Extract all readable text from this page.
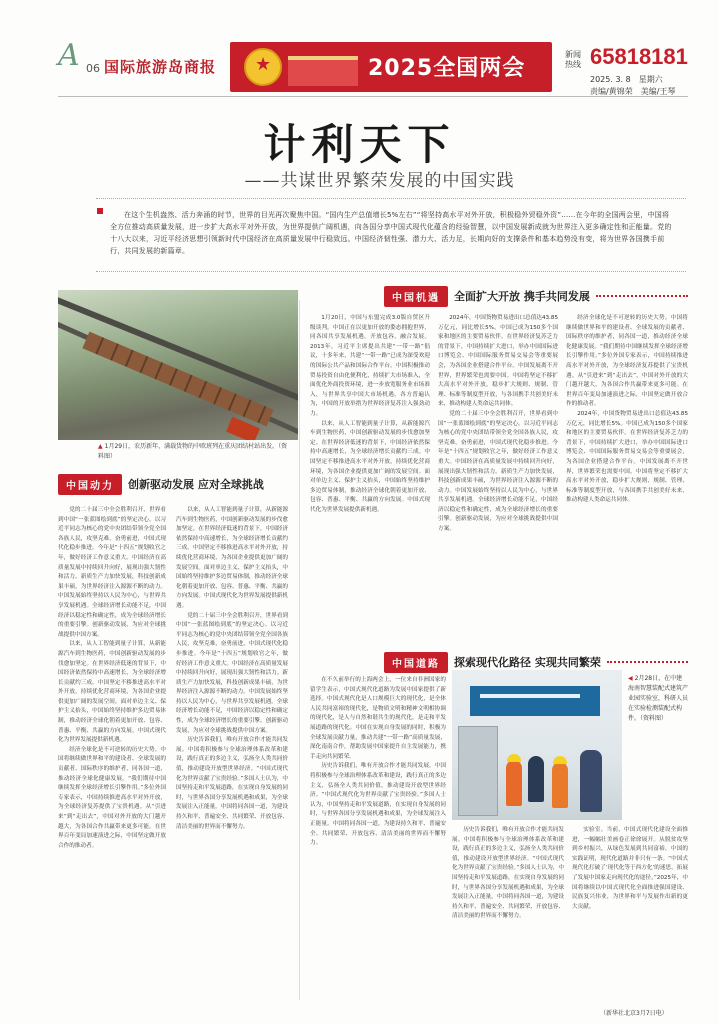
A 06 国际旅游岛商报
★	2025全国两会
新闻热线 65818181
2025. 3. 8　星期六
责编/黄锦荣　美编/王琴
计利天下
——共谋世界繁荣发展的中国实践

在这个生机盎然、活力奔涌的时节，世界的目光再次聚焦中国。“国内生产总值增长5%左右”“将坚持高水平对外开放，积极稳外贸稳外资”……在今年的全国两会里，中国将全方位推动高质量发展，进一步扩大高水平对外开放，为世界提供广阔机遇，向各国分享中国式现代化蕴含的经验智慧，以中国发展新成就为世界注入更多确定性和正能量。党的十八大以来，习近平经济思想引领新时代中国经济在高质量发展中行稳致远。中国经济韧性强、潜力大、活力足，长期向好的支撑条件和基本趋势没有变，将为世界各国携手前行，共同发展的新篇章。

▲ 1月29日，农历新年，满载货物的中欧班列在重庆团结村站出发。（资料图）
中国机遇	全面扩大开放 携手共同发展

1月20日，中国与东盟完成3.0版自贸区升级谈判。中国正在以更加开放的姿态拥抱世界，同各国共享发展机遇。开放包容，融合发展。2013年，习近平主席提出共建“一带一路”倡议，十多年来，共建“一带一路”已成为深受欢迎的国际公共产品和国际合作平台。中国积极推动贸易投资自由化便利化，持续扩大市场准入，全面优化外商投资环境，进一步放宽服务业市场准入，与世界共享中国大市场机遇。各方普遍认为，中国的开放举措为世界经济复苏注入强劲动力。

以来，从人工智能到量子计算，从新能源汽车到生物医药，中国创新驱动发展的步伐愈加坚定。在世界经济低迷的背景下，中国经济依然保持中高速增长，为全球经济增长贡献约三成。中国坚定不移推进高水平对外开放，持续优化营商环境，为各国企业提供更加广阔的发展空间。面对单边主义、保护主义抬头，中国始终坚持维护多边贸易体制，推动经济全球化朝着更加开放、包容、普惠、平衡、共赢的方向发展。中国式现代化为世界发展提供新机遇。

2024年，中国货物贸易进出口总值达43.85万亿元，同比增长5%。中国已成为150多个国家和地区的主要贸易伙伴。在世界经济复苏乏力的背景下，中国持续扩大进口，举办中国国际进口博览会、中国国际服务贸易交易会等重要展会，为各国企业搭建合作平台。中国发展离不开世界，世界繁荣也需要中国。中国将坚定不移扩大高水平对外开放，稳步扩大规则、规制、管理、标准等制度型开放，与各国携手共创美好未来，推动构建人类命运共同体。

党的二十届三中全会胜利召开，世界看到中国“一张蓝图绘到底”的坚定决心。以习近平同志为核心的党中央团结带领全党全国各族人民，攻坚克难，奋勇前进，中国式现代化稳步推进。今年是“十四五”规划收官之年，做好经济工作意义重大。中国经济在高质量发展中持续回升向好，展现出强大韧性和活力。新质生产力加快发展，科技创新成果丰硕，为世界经济注入源源不断的动力。中国发展始终坚持以人民为中心，与世界共享发展机遇。全球经济增长动能不足，中国经济以稳定性和确定性，成为全球经济增长的重要引擎。创新驱动发展，为应对全球挑战提供中国方案。

经济全球化是不可逆转的历史大势。中国将继续做世界和平的建设者、全球发展的贡献者、国际秩序的维护者，同各国一道，推动经济全球化健康发展。“我们期待中国继续发挥全球经济增长引擎作用。”多位外国专家表示，中国持续推进高水平对外开放，为全球经济复苏提供了宝贵机遇。从“引进来”到“走出去”，中国对外开放的大门越开越大，为各国合作共赢带来更多可能。在世界百年变局加速演进之际，中国坚定做开放合作的推动者。

2024年，中国货物贸易进出口总值达43.85万亿元，同比增长5%。中国已成为150多个国家和地区的主要贸易伙伴。在世界经济复苏乏力的背景下，中国持续扩大进口，举办中国国际进口博览会、中国国际服务贸易交易会等重要展会，为各国企业搭建合作平台。中国发展离不开世界，世界繁荣也需要中国。中国将坚定不移扩大高水平对外开放，稳步扩大规则、规制、管理、标准等制度型开放，与各国携手共创美好未来，推动构建人类命运共同体。

中国动力	创新驱动发展 应对全球挑战

党的二十届三中全会胜利召开，世界看到中国“一张蓝图绘到底”的坚定决心。以习近平同志为核心的党中央团结带领全党全国各族人民，攻坚克难，奋勇前进，中国式现代化稳步推进。今年是“十四五”规划收官之年，做好经济工作意义重大。中国经济在高质量发展中持续回升向好，展现出强大韧性和活力。新质生产力加快发展，科技创新成果丰硕，为世界经济注入源源不断的动力。中国发展始终坚持以人民为中心，与世界共享发展机遇。全球经济增长动能不足，中国经济以稳定性和确定性，成为全球经济增长的重要引擎。创新驱动发展，为应对全球挑战提供中国方案。

以来，从人工智能到量子计算，从新能源汽车到生物医药，中国创新驱动发展的步伐愈加坚定。在世界经济低迷的背景下，中国经济依然保持中高速增长，为全球经济增长贡献约三成。中国坚定不移推进高水平对外开放，持续优化营商环境，为各国企业提供更加广阔的发展空间。面对单边主义、保护主义抬头，中国始终坚持维护多边贸易体制，推动经济全球化朝着更加开放、包容、普惠、平衡、共赢的方向发展。中国式现代化为世界发展提供新机遇。

经济全球化是不可逆转的历史大势。中国将继续做世界和平的建设者、全球发展的贡献者、国际秩序的维护者，同各国一道，推动经济全球化健康发展。“我们期待中国继续发挥全球经济增长引擎作用。”多位外国专家表示，中国持续推进高水平对外开放，为全球经济复苏提供了宝贵机遇。从“引进来”到“走出去”，中国对外开放的大门越开越大，为各国合作共赢带来更多可能。在世界百年变局加速演进之际，中国坚定做开放合作的推动者。

以来，从人工智能到量子计算，从新能源汽车到生物医药，中国创新驱动发展的步伐愈加坚定。在世界经济低迷的背景下，中国经济依然保持中高速增长，为全球经济增长贡献约三成。中国坚定不移推进高水平对外开放，持续优化营商环境，为各国企业提供更加广阔的发展空间。面对单边主义、保护主义抬头，中国始终坚持维护多边贸易体制，推动经济全球化朝着更加开放、包容、普惠、平衡、共赢的方向发展。中国式现代化为世界发展提供新机遇。

党的二十届三中全会胜利召开，世界看到中国“一张蓝图绘到底”的坚定决心。以习近平同志为核心的党中央团结带领全党全国各族人民，攻坚克难，奋勇前进，中国式现代化稳步推进。今年是“十四五”规划收官之年，做好经济工作意义重大。中国经济在高质量发展中持续回升向好，展现出强大韧性和活力。新质生产力加快发展，科技创新成果丰硕，为世界经济注入源源不断的动力。中国发展始终坚持以人民为中心，与世界共享发展机遇。全球经济增长动能不足，中国经济以稳定性和确定性，成为全球经济增长的重要引擎。创新驱动发展，为应对全球挑战提供中国方案。

历史告诉我们，唯有开放合作才能共同发展。中国将积极参与全球治理体系改革和建设，践行真正的多边主义，弘扬全人类共同价值，推动建设开放型世界经济。“中国式现代化为世界贡献了宝贵经验。”多国人士认为，中国坚持走和平发展道路，在实现自身发展的同时，与世界各国分享发展机遇和成果，为全球发展注入正能量。中国将同各国一道，为建设持久和平、普遍安全、共同繁荣、开放包容、清洁美丽的世界而不懈努力。

中国道路	探索现代化路径 实现共同繁荣

在不久前举行的上海两会上，一位来自非洲国家的留学生表示，中国式现代化道路为发展中国家提供了新选择。中国式现代化是人口规模巨大的现代化，是全体人民共同富裕的现代化，是物质文明和精神文明相协调的现代化，是人与自然和谐共生的现代化，是走和平发展道路的现代化。中国在实现自身发展的同时，积极为全球发展贡献力量，推动共建“一带一路”高质量发展，深化南南合作，帮助发展中国家提升自主发展能力，携手走向共同繁荣。

历史告诉我们，唯有开放合作才能共同发展。中国将积极参与全球治理体系改革和建设，践行真正的多边主义，弘扬全人类共同价值，推动建设开放型世界经济。“中国式现代化为世界贡献了宝贵经验。”多国人士认为，中国坚持走和平发展道路，在实现自身发展的同时，与世界各国分享发展机遇和成果，为全球发展注入正能量。中国将同各国一道，为建设持久和平、普遍安全、共同繁荣、开放包容、清洁美丽的世界而不懈努力。

◀ 2月28日，在中建海南智慧装配式建筑产业园实验室，科研人员在实验检测装配式构件。（资料图）

历史告诉我们，唯有开放合作才能共同发展。中国将积极参与全球治理体系改革和建设，践行真正的多边主义，弘扬全人类共同价值，推动建设开放型世界经济。“中国式现代化为世界贡献了宝贵经验。”多国人士认为，中国坚持走和平发展道路，在实现自身发展的同时，与世界各国分享发展机遇和成果，为全球发展注入正能量。中国将同各国一道，为建设持久和平、普遍安全、共同繁荣、开放包容、清洁美丽的世界而不懈努力。

实验室。当前，中国式现代化建设全面推进，一幅幅壮美画卷正徐徐展开。从脱贫攻坚到乡村振兴，从绿色发展到共同富裕，中国的实践证明，现代化道路并非只有一条。“中国式现代化打破了‘现代化等于西方化’的迷思，拓展了发展中国家走向现代化的途径。”2025年，中国将继续以中国式现代化全面推进强国建设、民族复兴伟业，为世界和平与发展作出新的更大贡献。

（新华社北京3月7日电）
